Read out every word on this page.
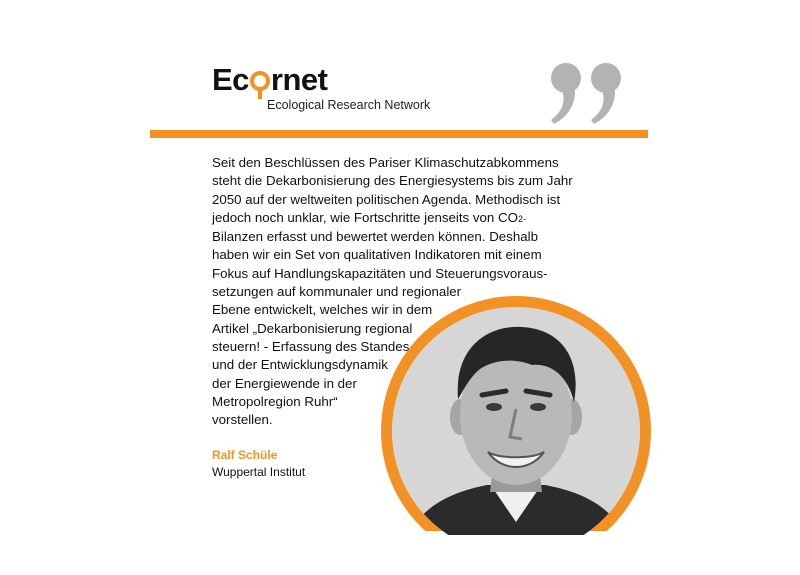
Ec rnet
Ecological Research Network
Seit den Beschlüssen des Pariser Klimaschutzabkommens
steht die Dekarbonisierung des Energiesystems bis zum Jahr
2050 auf der weltweiten politischen Agenda. Methodisch ist
jedoch noch unklar, wie Fortschritte jenseits von CO2-
Bilanzen erfasst und bewertet werden können. Deshalb
haben wir ein Set von qualitativen Indikatoren mit einem
Fokus auf Handlungskapazitäten und Steuerungsvoraus-
setzungen auf kommunaler und regionaler
Ebene entwickelt, welches wir in dem
Artikel „Dekarbonisierung regional
steuern! - Erfassung des Standes
und der Entwicklungsdynamik
der Energiewende in der
Metropolregion Ruhr“
vorstellen.
Ralf Schüle
Wuppertal Institut
